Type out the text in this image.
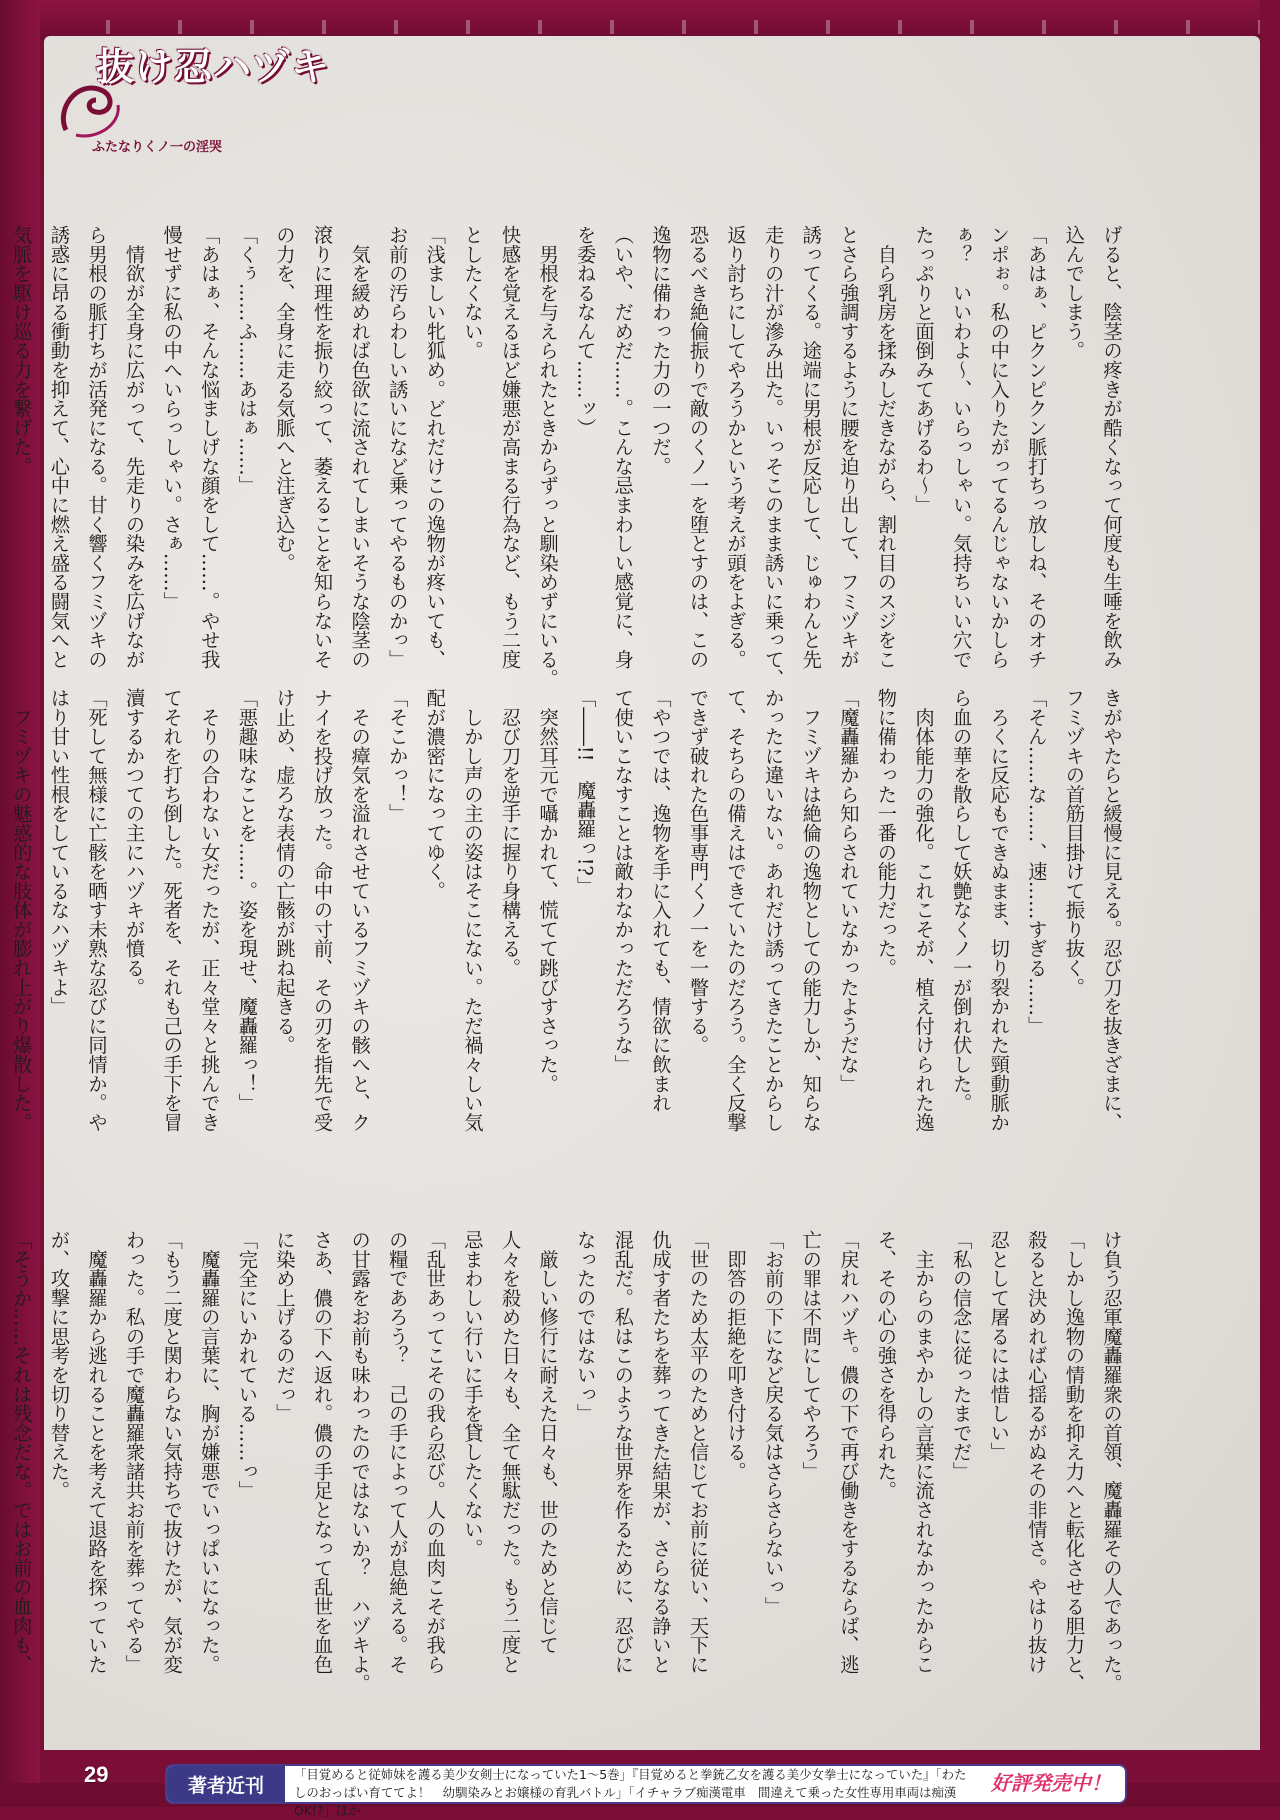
抜け忍ハヅキ
ふたなりくノ一の淫哭
げると、陰茎の疼きが酷くなって何度も生唾を飲み
込んでしまう。
「あはぁ、ピクンピクン脈打ちっ放しね、そのオチ
ンポぉ。私の中に入りたがってるんじゃないかしら
ぁ？　いいわよ～、いらっしゃい。気持ちいい穴で
たっぷりと面倒みてあげるわ～」
　自ら乳房を揉みしだきながら、割れ目のスジをこ
とさら強調するように腰を迫り出して、フミヅキが
誘ってくる。途端に男根が反応して、じゅわんと先
走りの汁が滲み出た。いっそこのまま誘いに乗って、
返り討ちにしてやろうかという考えが頭をよぎる。
恐るべき絶倫振りで敵のくノ一を堕とすのは、この
逸物に備わった力の一つだ。
（いや、だめだ……。こんな忌まわしい感覚に、身
を委ねるなんて……ッ）
　男根を与えられたときからずっと馴染めずにいる。
快感を覚えるほど嫌悪が高まる行為など、もう二度
としたくない。
「浅ましい牝狐め。どれだけこの逸物が疼いても、
お前の汚らわしい誘いになど乗ってやるものかっ」
　気を緩めれば色欲に流されてしまいそうな陰茎の
滾りに理性を振り絞って、萎えることを知らないそ
の力を、全身に走る気脈へと注ぎ込む。
「くぅ……ふ……あはぁ……」
「あはぁ、そんな悩ましげな顔をして……。やせ我
慢せずに私の中へいらっしゃい。さぁ……」
　情欲が全身に広がって、先走りの染みを広げなが
ら男根の脈打ちが活発になる。甘く響くフミヅキの
誘惑に昂る衝動を抑えて、心中に燃え盛る闘気へと
気脈を駆け巡る力を繋げた。
きがやたらと緩慢に見える。忍び刀を抜きざまに、
フミヅキの首筋目掛けて振り抜く。
「そん……な……、速……すぎる……」
　ろくに反応もできぬまま、切り裂かれた頸動脈か
ら血の華を散らして妖艶なくノ一が倒れ伏した。
　肉体能力の強化。これこそが、植え付けられた逸
物に備わった一番の能力だった。
「魔轟羅から知らされていなかったようだな」
　フミヅキは絶倫の逸物としての能力しか、知らな
かったに違いない。あれだけ誘ってきたことからし
て、そちらの備えはできていたのだろう。全く反撃
できず破れた色事専門くノ一を一瞥する。
「やつでは、逸物を手に入れても、情欲に飲まれ
て使いこなすことは敵わなかっただろうな」
「――!!　魔轟羅っ!?」
　突然耳元で囁かれて、慌てて跳びすさった。
　忍び刀を逆手に握り身構える。
　しかし声の主の姿はそこにない。ただ禍々しい気
配が濃密になってゆく。
「そこかっ！」
　その瘴気を溢れさせているフミヅキの骸へと、ク
ナイを投げ放った。命中の寸前、その刃を指先で受
け止め、虚ろな表情の亡骸が跳ね起きる。
「悪趣味なことを……。姿を現せ、魔轟羅っ！」
　そりの合わない女だったが、正々堂々と挑んでき
てそれを打ち倒した。死者を、それも己の手下を冒
瀆するかつての主にハヅキが憤る。
「死して無様に亡骸を晒す未熟な忍びに同情か。や
はり甘い性根をしているなハヅキよ」
　フミヅキの魅惑的な肢体が膨れ上がり爆散した。
け負う忍軍魔轟羅衆の首領、魔轟羅その人であった。
「しかし逸物の情動を抑え力へと転化させる胆力と、
殺ると決めれば心揺るがぬその非情さ。やはり抜け
忍として屠るには惜しい」
「私の信念に従ったまでだ」
　主からのまやかしの言葉に流されなかったからこ
そ、その心の強さを得られた。
「戻れハヅキ。儂の下で再び働きをするならば、逃
亡の罪は不問にしてやろう」
「お前の下になど戻る気はさらさらないっ」
　即答の拒絶を叩き付ける。
「世のため太平のためと信じてお前に従い、天下に
仇成す者たちを葬ってきた結果が、さらなる諍いと
混乱だ。私はこのような世界を作るために、忍びに
なったのではないっ」
　厳しい修行に耐えた日々も、世のためと信じて
人々を殺めた日々も、全て無駄だった。もう二度と
忌まわしい行いに手を貸したくない。
「乱世あってこその我ら忍び。人の血肉こそが我ら
の糧であろう？　己の手によって人が息絶える。そ
の甘露をお前も味わったのではないか？　ハヅキよ。
さあ、儂の下へ返れ。儂の手足となって乱世を血色
に染め上げるのだっ」
「完全にいかれている……っ」
　魔轟羅の言葉に、胸が嫌悪でいっぱいになった。
「もう二度と関わらない気持ちで抜けたが、気が変
わった。私の手で魔轟羅衆諸共お前を葬ってやる」
　魔轟羅から逃れることを考えて退路を探っていた
が、攻撃に思考を切り替えた。
「そうか……それは残念だな。ではお前の血肉も、
29	著者近刊
「目覚めると従姉妹を護る美少女剣士になっていた1～5巻」『目覚めると拳銃乙女を護る美少女拳士になっていた』「わたしのおっぱい育ててよ！　幼馴染みとお嬢様の育乳バトル」「イチャラブ痴漢電車　間違えて乗った女性専用車両は痴漢 OK!?」ほか
好評発売中！
